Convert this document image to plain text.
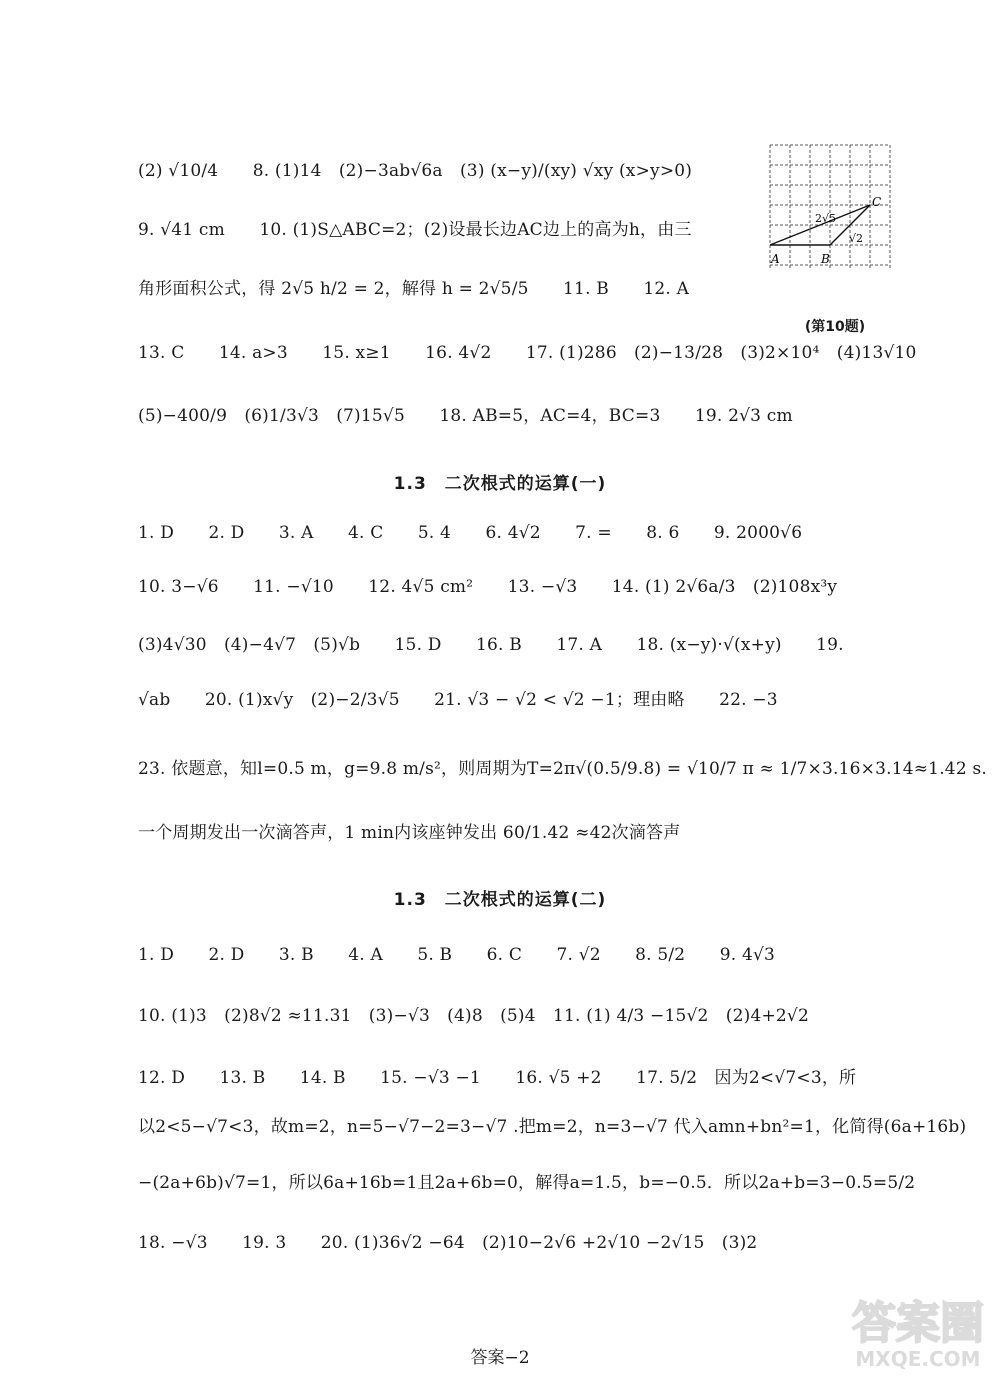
(2) √10/4　　8. (1)14　(2)−3ab√6a　(3) (x−y)/(xy) √xy (x>y>0)
9. √41 cm　　10. (1)S△ABC=2；(2)设最长边AC边上的高为h，由三
角形面积公式，得 2√5 h/2 = 2，解得 h = 2√5/5　　11. B　　12. A
13. C　　14. a>3　　15. x≥1　　16. 4√2　　17. (1)286　(2)−13/28　(3)2×10⁴　(4)13√10
(5)−400/9　(6)1/3√3　(7)15√5　　18. AB=5，AC=4，BC=3　　19. 2√3 cm
A	B
C
2√5
√2
(第10题)
1.3　二次根式的运算(一)
1. D　　2. D　　3. A　　4. C　　5. 4　　6. 4√2　　7. =　　8. 6　　9. 2000√6
10. 3−√6　　11. −√10　　12. 4√5 cm²　　13. −√3　　14. (1) 2√6a/3　(2)108x³y
(3)4√30　(4)−4√7　(5)√b　　15. D　　16. B　　17. A　　18. (x−y)·√(x+y)　　19.
√ab　　20. (1)x√y　(2)−2/3√5　　21. √3 − √2 < √2 −1；理由略　　22. −3
23. 依题意，知l=0.5 m，g=9.8 m/s²，则周期为T=2π√(0.5/9.8) = √10/7 π ≈ 1/7×3.16×3.14≈1.42 s.
一个周期发出一次滴答声，1 min内该座钟发出 60/1.42 ≈42次滴答声
1.3　二次根式的运算(二)
1. D　　2. D　　3. B　　4. A　　5. B　　6. C　　7. √2　　8. 5/2　　9. 4√3
10. (1)3　(2)8√2 ≈11.31　(3)−√3　(4)8　(5)4　11. (1) 4/3 −15√2　(2)4+2√2
12. D　　13. B　　14. B　　15. −√3 −1　　16. √5 +2　　17. 5/2　因为2<√7<3，所
以2<5−√7<3，故m=2，n=5−√7−2=3−√7 .把m=2，n=3−√7 代入amn+bn²=1，化简得(6a+16b)
−(2a+6b)√7=1，所以6a+16b=1且2a+6b=0，解得a=1.5，b=−0.5．所以2a+b=3−0.5=5/2
18. −√3　　19. 3　　20. (1)36√2 −64　(2)10−2√6 +2√10 −2√15　(3)2
答案−2
答案圈
MXQE.COM
